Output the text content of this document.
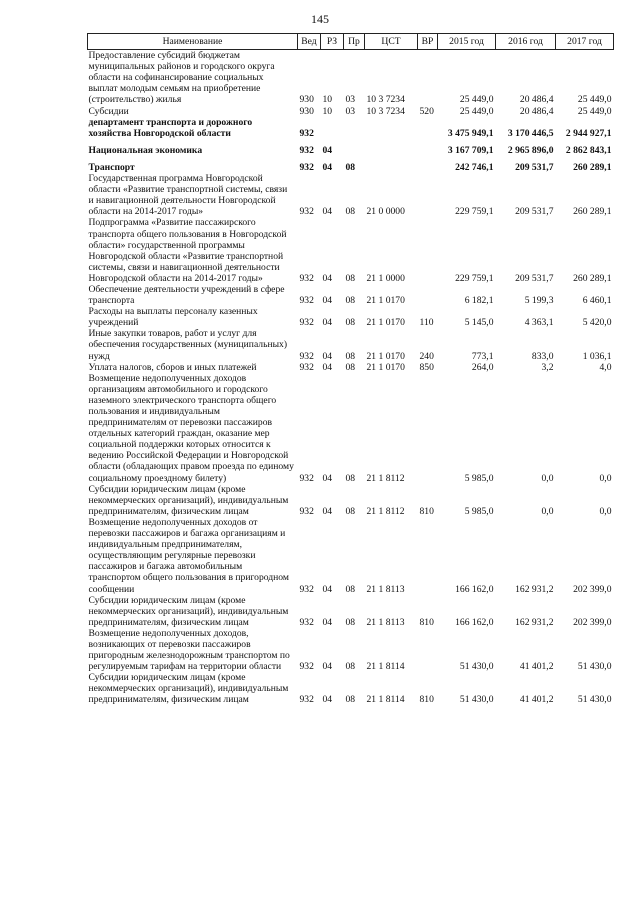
145
Наименование	Вед	РЗ	Пр	ЦСТ	ВР	2015 год	2016 год	2017 год
Предоставление субсидий бюджетам муниципальных районов и городского округа области на софинансирование социальных выплат молодым семьям на приобретение (строительство) жилья	930	10	03	10 3 7234		25 449,0	20 486,4	25 449,0
Субсидии	930	10	03	10 3 7234	520	25 449,0	20 486,4	25 449,0
департамент транспорта и дорожного хозяйства Новгородской области	932					3 475 949,1	3 170 446,5	2 944 927,1
Национальная экономика	932	04				3 167 709,1	2 965 896,0	2 862 843,1
Транспорт	932	04	08			242 746,1	209 531,7	260 289,1
Государственная программа Новгородской области «Развитие транспортной системы, связи и навигационной деятельности Новгородской области на 2014-2017 годы»	932	04	08	21 0 0000		229 759,1	209 531,7	260 289,1
Подпрограмма «Развитие пассажирского транспорта общего пользования в Новгородской области» государственной программы Новгородской области «Развитие транспортной системы, связи и навигационной деятельности Новгородской области на 2014-2017 годы»	932	04	08	21 1 0000		229 759,1	209 531,7	260 289,1
Обеспечение деятельности учреждений в сфере транспорта	932	04	08	21 1 0170		6 182,1	5 199,3	6 460,1
Расходы на выплаты персоналу казенных учреждений	932	04	08	21 1 0170	110	5 145,0	4 363,1	5 420,0
Иные закупки товаров, работ и услуг для обеспечения государственных (муниципальных) нужд	932	04	08	21 1 0170	240	773,1	833,0	1 036,1
Уплата налогов, сборов и иных платежей	932	04	08	21 1 0170	850	264,0	3,2	4,0
Возмещение недополученных доходов организациям автомобильного и городского наземного электрического транспорта общего пользования и индивидуальным предпринимателям от перевозки пассажиров отдельных категорий граждан, оказание мер социальной поддержки которых относится к ведению Российской Федерации и Новгородской области (обладающих правом проезда по единому социальному проездному билету)	932	04	08	21 1 8112		5 985,0	0,0	0,0
Субсидии юридическим лицам (кроме некоммерческих организаций), индивидуальным предпринимателям, физическим лицам	932	04	08	21 1 8112	810	5 985,0	0,0	0,0
Возмещение недополученных доходов от перевозки пассажиров и багажа организациям и индивидуальным предпринимателям, осуществляющим регулярные перевозки пассажиров и багажа автомобильным транспортом общего пользования в пригородном сообщении	932	04	08	21 1 8113		166 162,0	162 931,2	202 399,0
Субсидии юридическим лицам (кроме некоммерческих организаций), индивидуальным предпринимателям, физическим лицам	932	04	08	21 1 8113	810	166 162,0	162 931,2	202 399,0
Возмещение недополученных доходов, возникающих от перевозки пассажиров пригородным железнодорожным транспортом по регулируемым тарифам на территории области	932	04	08	21 1 8114		51 430,0	41 401,2	51 430,0
Субсидии юридическим лицам (кроме некоммерческих организаций), индивидуальным предпринимателям, физическим лицам	932	04	08	21 1 8114	810	51 430,0	41 401,2	51 430,0
